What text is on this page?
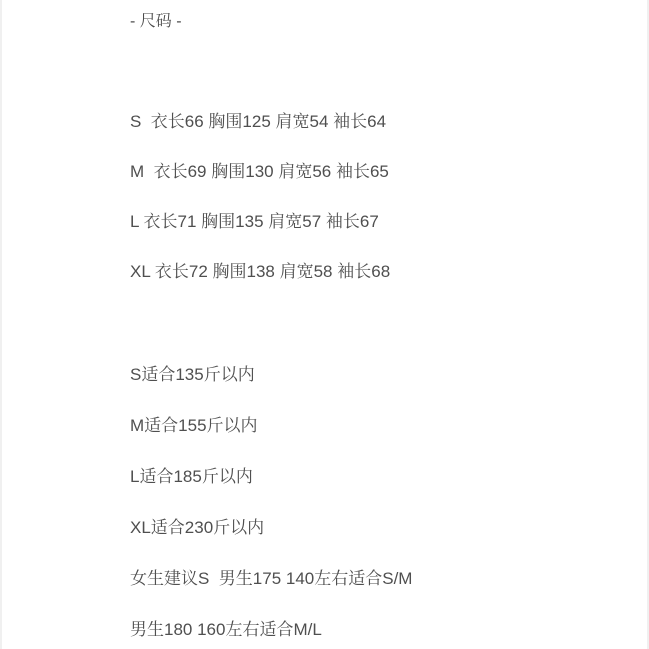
- 尺码 -

S  衣长66 胸围125 肩宽54 袖长64

M  衣长69 胸围130 肩宽56 袖长65

L 衣长71 胸围135 肩宽57 袖长67

XL 衣长72 胸围138 肩宽58 袖长68

S适合135斤以内

M适合155斤以内

L适合185斤以内

XL适合230斤以内

女生建议S  男生175 140左右适合S/M

男生180 160左右适合M/L
